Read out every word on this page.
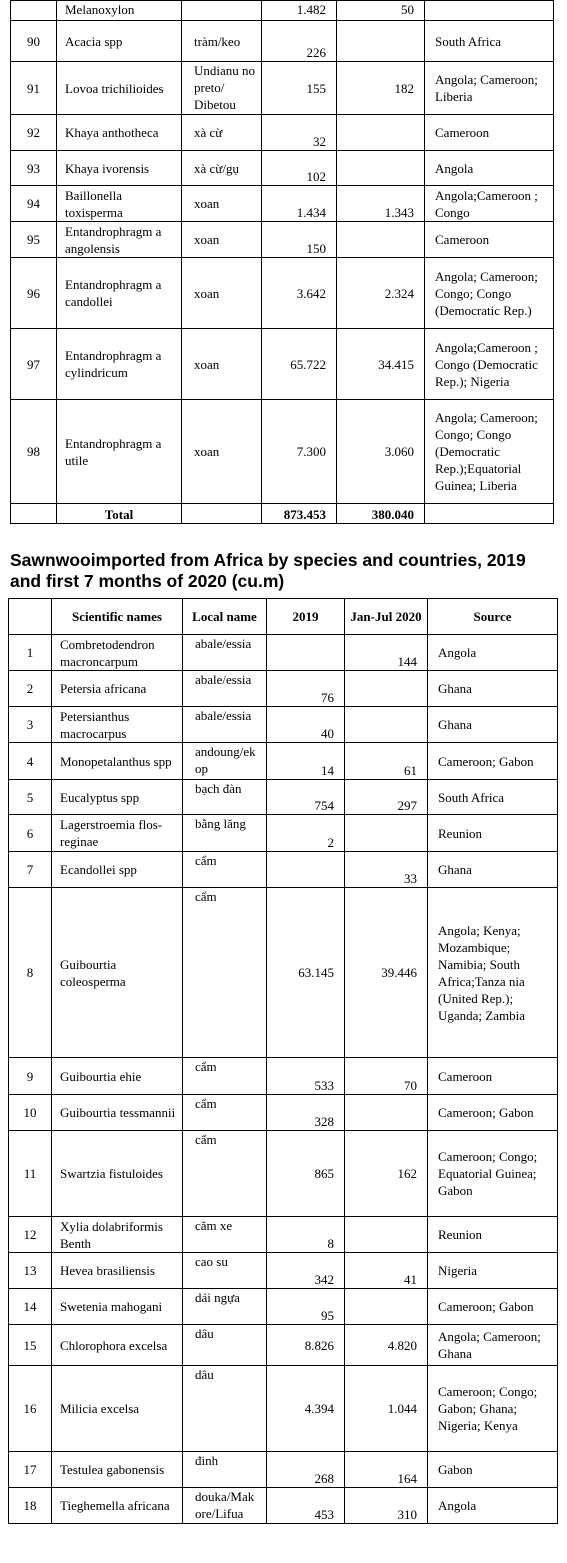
	Melanoxylon		1.482	50	
90	Acacia spp	tràm/keo	226		South Africa
91	Lovoa trichilioides	Undianu no preto/ Dibetou	155	182	Angola; Cameroon; Liberia
92	Khaya anthotheca	xà cừ	32		Cameroon
93	Khaya ivorensis	xà cừ/gụ	102		Angola
94	Baillonella toxisperma	xoan	1.434	1.343	Angola;Cameroon ; Congo
95	Entandrophragm a angolensis	xoan	150		Cameroon
96	Entandrophragm a candollei	xoan	3.642	2.324	Angola; Cameroon; Congo; Congo (Democratic Rep.)
97	Entandrophragm a cylindricum	xoan	65.722	34.415	Angola;Cameroon ; Congo (Democratic Rep.); Nigeria
98	Entandrophragm a utile	xoan	7.300	3.060	Angola; Cameroon; Congo; Congo (Democratic Rep.);Equatorial Guinea; Liberia
	Total		873.453	380.040	
Sawnwooimported from Africa by species and countries, 2019 and first 7 months of 2020 (cu.m)
	Scientific names	Local name	2019	Jan-Jul 2020	Source
1	Combretodendron macroncarpum	abale/essia		144	Angola
2	Petersia africana	abale/essia	76		Ghana
3	Petersianthus macrocarpus	abale/essia	40		Ghana
4	Monopetalanthus spp	andoung/ek op	14	61	Cameroon; Gabon
5	Eucalyptus spp	bạch đàn	754	297	South Africa
6	Lagerstroemia flos-reginae	bằng lăng	2		Reunion
7	Ecandollei spp	cẩm		33	Ghana
8	Guibourtia coleosperma	cẩm	63.145	39.446	Angola; Kenya; Mozambique; Namibia; South Africa;Tanza nia (United Rep.); Uganda; Zambia
9	Guibourtia ehie	cẩm	533	70	Cameroon
10	Guibourtia tessmannii	cẩm	328		Cameroon; Gabon
11	Swartzia fistuloides	cẩm	865	162	Cameroon; Congo; Equatorial Guinea; Gabon
12	Xylia dolabriformis Benth	căm xe	8		Reunion
13	Hevea brasiliensis	cao su	342	41	Nigeria
14	Swetenia mahogani	dái ngựa	95		Cameroon; Gabon
15	Chlorophora excelsa	dâu	8.826	4.820	Angola; Cameroon; Ghana
16	Milicia excelsa	dâu	4.394	1.044	Cameroon; Congo; Gabon; Ghana; Nigeria; Kenya
17	Testulea gabonensis	đinh	268	164	Gabon
18	Tieghemella africana	douka/Mak ore/Lifua	453	310	Angola
